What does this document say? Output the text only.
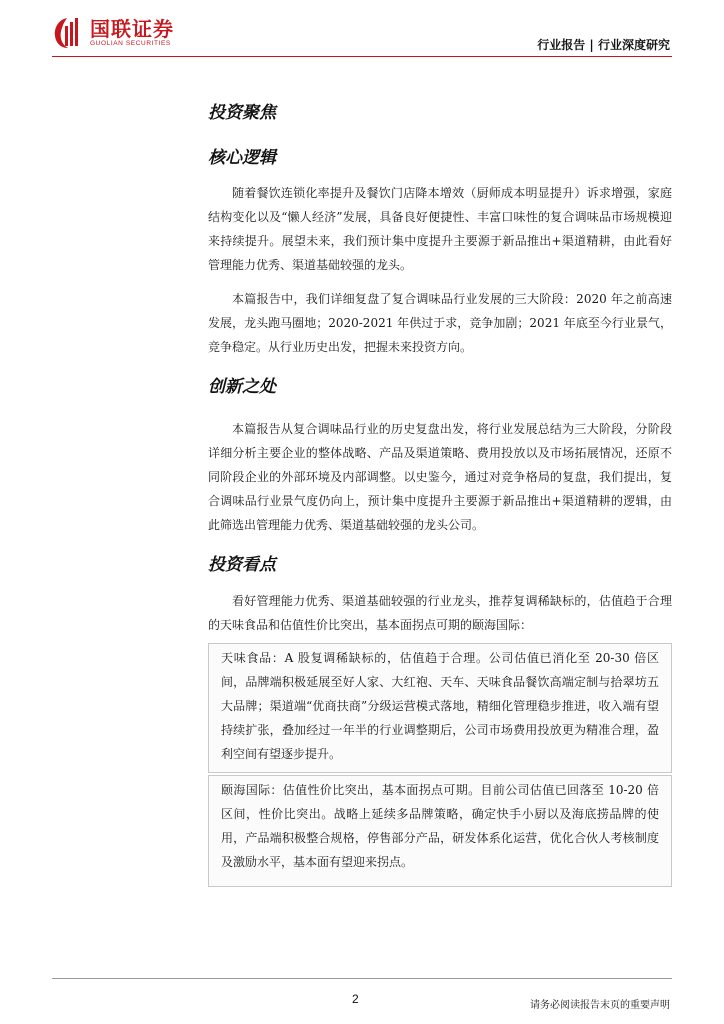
国联证券
GUOLIAN SECURITIES	行业报告 | 行业深度研究
投资聚焦
核心逻辑

随着餐饮连锁化率提升及餐饮门店降本增效（厨师成本明显提升）诉求增强，家庭结构变化以及“懒人经济”发展，具备良好便捷性、丰富口味性的复合调味品市场规模迎来持续提升。展望未来，我们预计集中度提升主要源于新品推出+渠道精耕，由此看好管理能力优秀、渠道基础较强的龙头。

本篇报告中，我们详细复盘了复合调味品行业发展的三大阶段：2020 年之前高速发展，龙头跑马圈地；2020-2021 年供过于求，竞争加剧；2021 年底至今行业景气，竞争稳定。从行业历史出发，把握未来投资方向。

创新之处

本篇报告从复合调味品行业的历史复盘出发，将行业发展总结为三大阶段，分阶段详细分析主要企业的整体战略、产品及渠道策略、费用投放以及市场拓展情况，还原不同阶段企业的外部环境及内部调整。以史鉴今，通过对竞争格局的复盘，我们提出，复合调味品行业景气度仍向上，预计集中度提升主要源于新品推出+渠道精耕的逻辑，由此筛选出管理能力优秀、渠道基础较强的龙头公司。

投资看点

看好管理能力优秀、渠道基础较强的行业龙头，推荐复调稀缺标的，估值趋于合理的天味食品和估值性价比突出，基本面拐点可期的颐海国际：

天味食品：A 股复调稀缺标的，估值趋于合理。公司估值已消化至 20-30 倍区间，品牌端积极延展至好人家、大红袍、天车、天味食品餐饮高端定制与拾翠坊五大品牌；渠道端“优商扶商”分级运营模式落地，精细化管理稳步推进，收入端有望持续扩张，叠加经过一年半的行业调整期后，公司市场费用投放更为精准合理，盈利空间有望逐步提升。

颐海国际：估值性价比突出，基本面拐点可期。目前公司估值已回落至 10-20 倍区间，性价比突出。战略上延续多品牌策略，确定快手小厨以及海底捞品牌的使用，产品端积极整合规格，停售部分产品，研发体系化运营，优化合伙人考核制度及激励水平，基本面有望迎来拐点。

2	请务必阅读报告末页的重要声明
